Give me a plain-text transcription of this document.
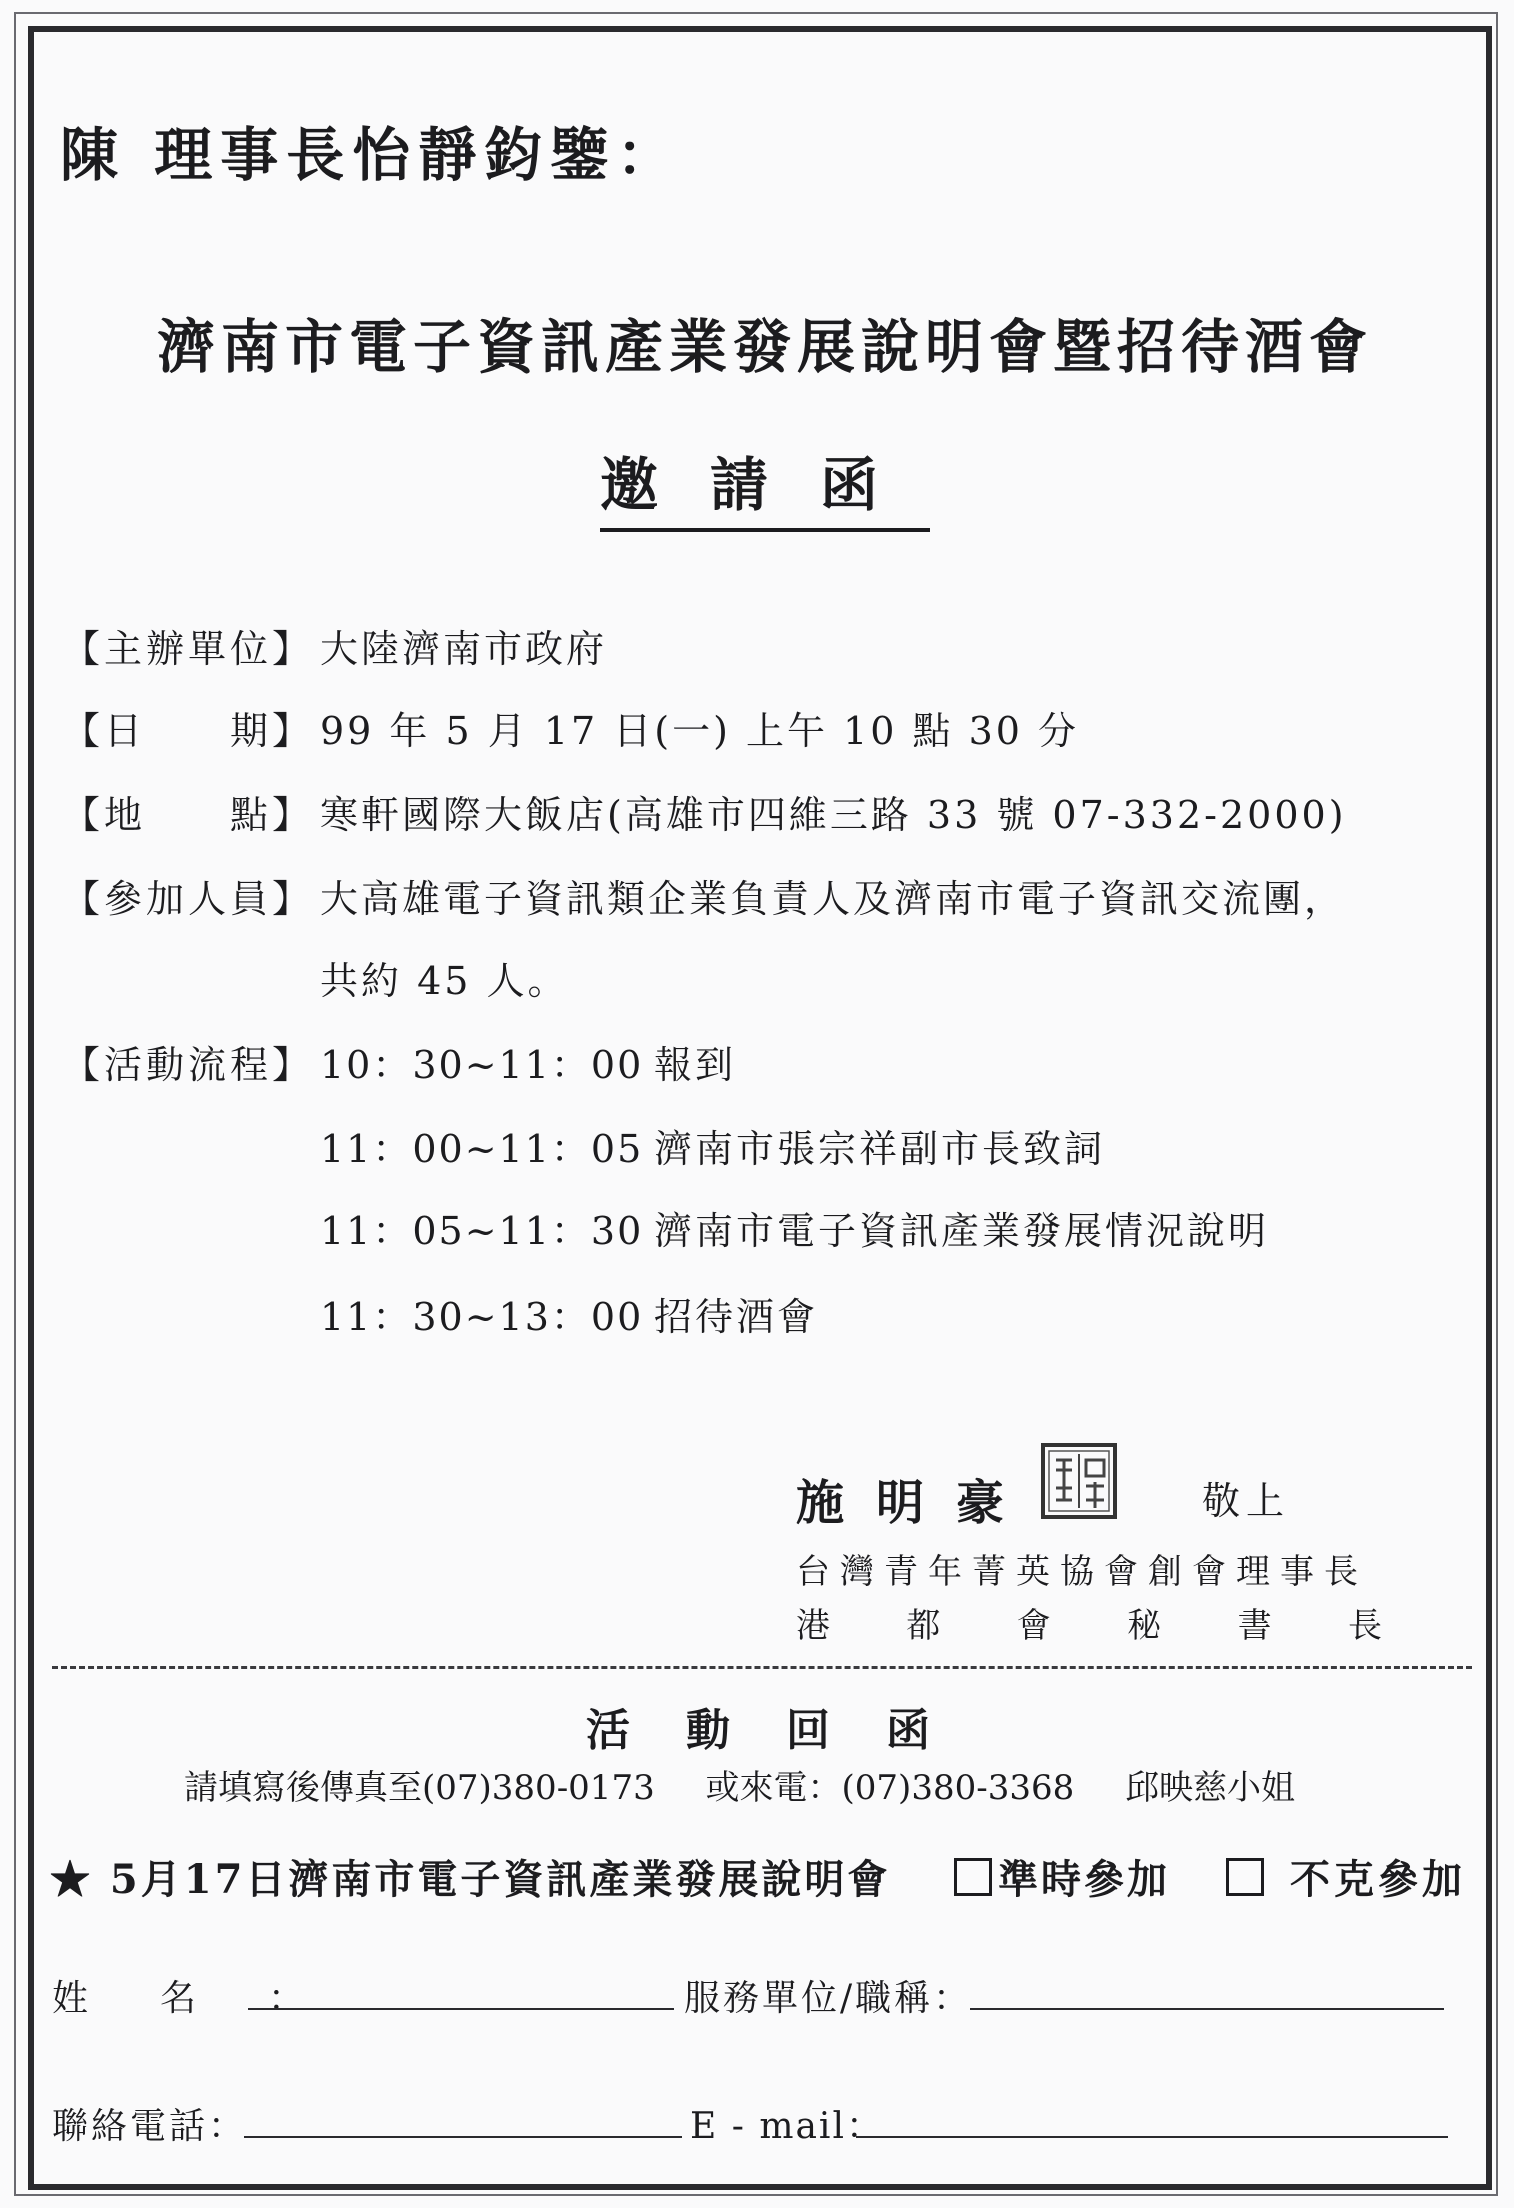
陳 理事長怡靜鈞鑒：
濟南市電子資訊產業發展說明會暨招待酒會
邀請函
【主辦單位】 大陸濟南市政府
【日　　期】 99 年 5 月 17 日(一) 上午 10 點 30 分
【地　　點】 寒軒國際大飯店(高雄市四維三路 33 號 07-332-2000)
【參加人員】 大高雄電子資訊類企業負責人及濟南市電子資訊交流團，
共約 45 人。
【活動流程】 10：30~11：00 報到
11：00~11：05 濟南市張宗祥副市長致詞
11：05~11：30 濟南市電子資訊產業發展情況說明
11：30~13：00 招待酒會
施明豪	敬上
台灣青年菁英協會創會理事長
港 都 會 秘 書 長
活動回函
請填寫後傳真至(07)380-0173 或來電：(07)380-3368 邱映慈小姐
★ 5月17日濟南市電子資訊產業發展說明會	準時參加	不克參加
姓名：	服務單位/職稱：
聯絡電話：	E - mail：
